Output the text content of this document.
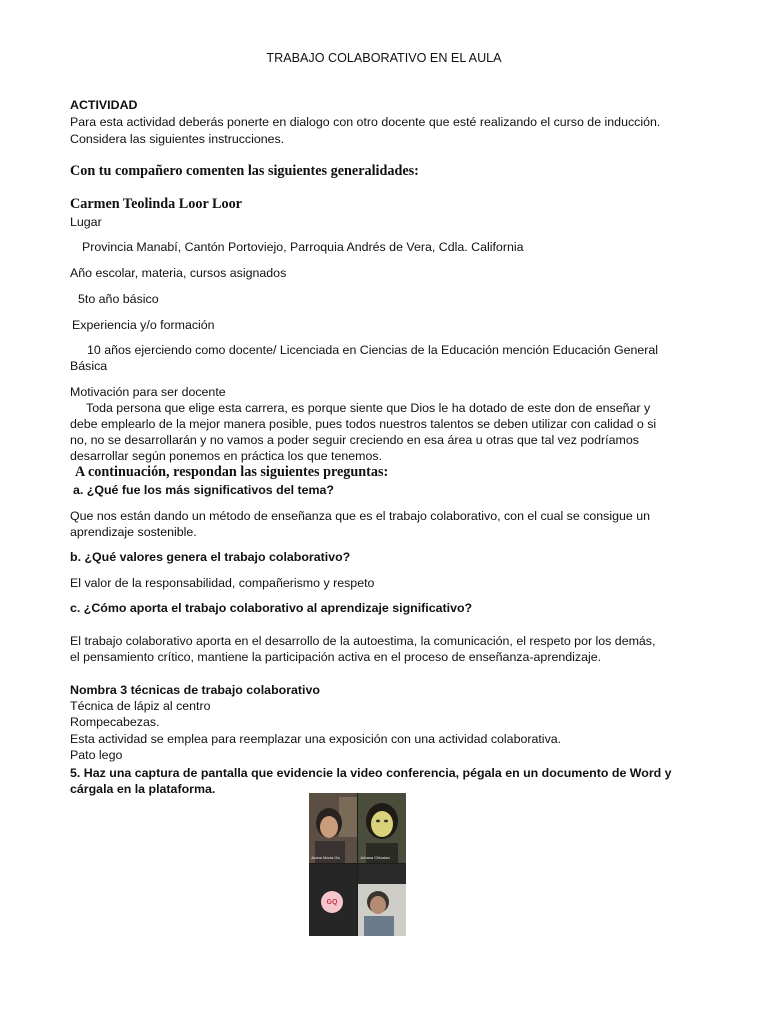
TRABAJO COLABORATIVO EN EL AULA
ACTIVIDAD
Para esta actividad deberás ponerte en dialogo con otro docente que esté realizando el curso de inducción.
Considera las siguientes instrucciones.
Con tu compañero comenten las siguientes generalidades:
Carmen Teolinda Loor Loor
Lugar
Provincia Manabí, Cantón Portoviejo, Parroquia Andrés de Vera, Cdla. California
Año escolar, materia, cursos asignados
5to año básico
Experiencia y/o formación
10 años ejerciendo como docente/ Licenciada en Ciencias de la Educación mención Educación General
Básica
Motivación para ser docente
Toda persona que elige esta carrera, es porque siente que Dios le ha dotado de este don de enseñar y
debe emplearlo de la mejor manera posible, pues todos nuestros talentos se deben utilizar con calidad o si
no, no se desarrollarán y no vamos a poder seguir creciendo en esa área u otras que tal vez podríamos
desarrollar según ponemos en práctica los que tenemos.
A continuación, respondan las siguientes preguntas:
a. ¿Qué fue los más significativos del tema?
Que nos están dando un método de enseñanza que es el trabajo colaborativo, con el cual se consigue un
aprendizaje sostenible.
b. ¿Qué valores genera el trabajo colaborativo?
El valor de la responsabilidad, compañerismo y respeto
c. ¿Cómo aporta el trabajo colaborativo al aprendizaje significativo?
El trabajo colaborativo aporta en el desarrollo de la autoestima, la comunicación, el respeto por los demás,
el pensamiento crítico, mantiene la participación activa en el proceso de enseñanza-aprendizaje.
Nombra 3 técnicas de trabajo colaborativo
Técnica de lápiz al centro
Rompecabezas.
Esta actividad se emplea para reemplazar una exposición con una actividad colaborativa.
Pato lego
5. Haz una captura de pantalla que evidencie la video conferencia, pégala en un documento de Word y
cárgala en la plataforma.
Juana María Ga	Johana Chicaiza
GQ
